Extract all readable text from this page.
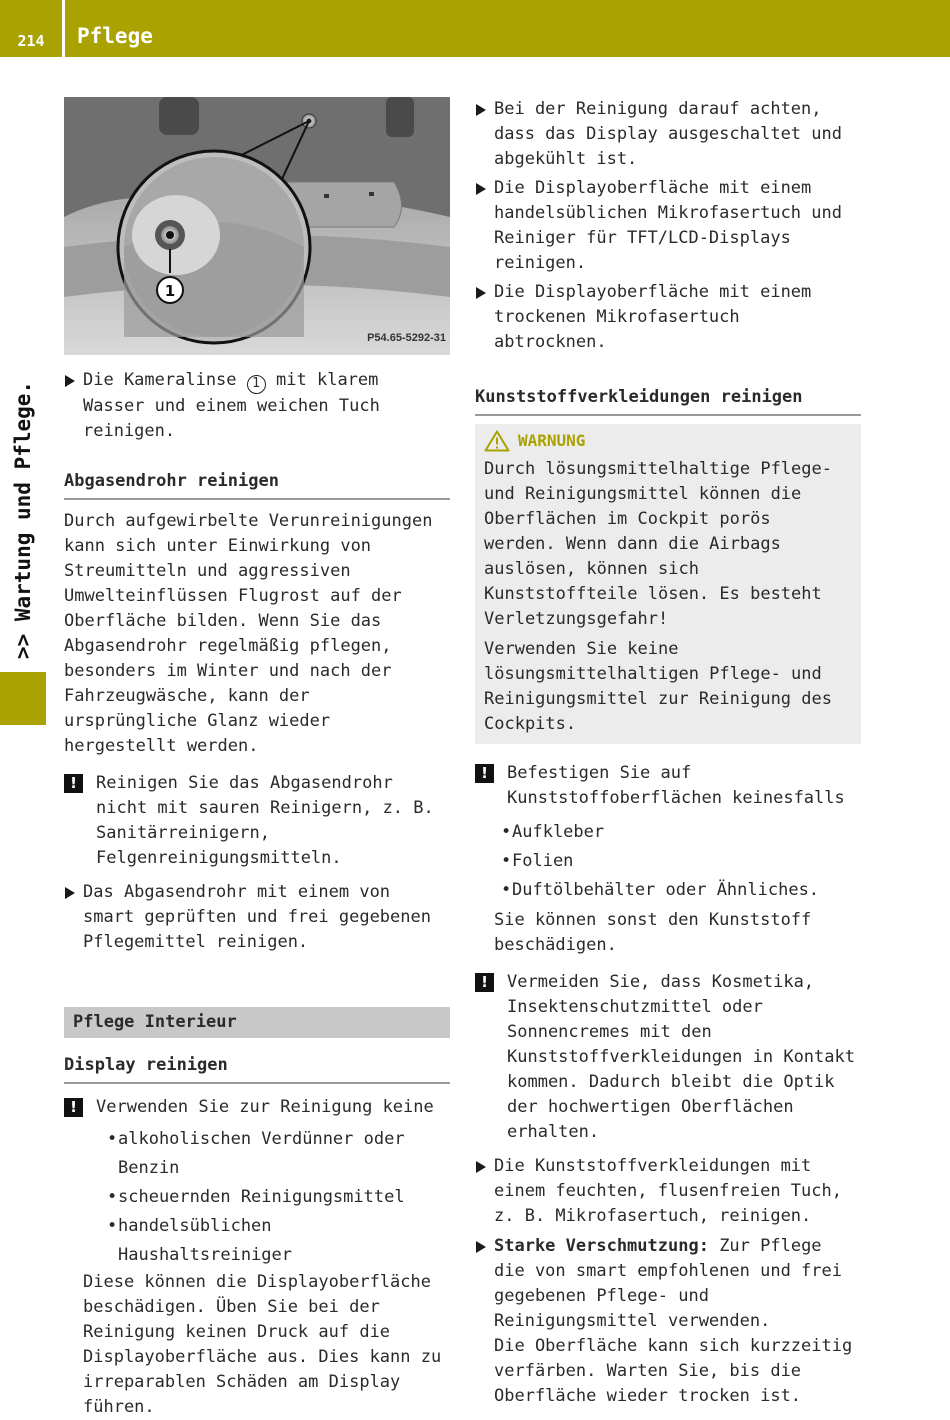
214	Pflege
>> Wartung und Pflege.
1
P54.65-5292-31
Die Kameralinse 1 mit klarem Wasser und einem weichen Tuch reinigen.
Abgasendrohr reinigen
Durch aufgewirbelte Verunreinigungen kann sich unter Einwirkung von Streumitteln und aggressiven Umwelteinflüssen Flugrost auf der Oberfläche bilden. Wenn Sie das Abgasendrohr regelmäßig pflegen, besonders im Winter und nach der Fahrzeugwäsche, kann der ursprüngliche Glanz wieder hergestellt werden.
!	Reinigen Sie das Abgasendrohr nicht mit sauren Reinigern, z. B. Sanitärreinigern, Felgenreinigungsmitteln.
Das Abgasendrohr mit einem von smart geprüften und frei gegebenen Pflegemittel reinigen.
Pflege Interieur
Display reinigen
!	Verwenden Sie zur Reinigung keine
• alkoholischen Verdünner oder Benzin
• scheuernden Reinigungsmittel
• handelsüblichen Haushaltsreiniger
Diese können die Displayoberfläche beschädigen. Üben Sie bei der Reinigung keinen Druck auf die Displayoberfläche aus. Dies kann zu irreparablen Schäden am Display führen.
Bei der Reinigung darauf achten, dass das Display ausgeschaltet und abgekühlt ist.
Die Displayoberfläche mit einem handelsüblichen Mikrofasertuch und Reiniger für TFT/LCD-Displays reinigen.
Die Displayoberfläche mit einem trockenen Mikrofasertuch abtrocknen.
Kunststoffverkleidungen reinigen
WARNUNG
Durch lösungsmittelhaltige Pflege- und Reinigungsmittel können die Oberflächen im Cockpit porös werden. Wenn dann die Airbags auslösen, können sich Kunststoffteile lösen. Es besteht Verletzungsgefahr!
Verwenden Sie keine lösungsmittelhaltigen Pflege- und Reinigungsmittel zur Reinigung des Cockpits.
!	Befestigen Sie auf Kunststoffoberflächen keinesfalls
• Aufkleber
• Folien
• Duftölbehälter oder Ähnliches.
Sie können sonst den Kunststoff beschädigen.
!	Vermeiden Sie, dass Kosmetika, Insektenschutzmittel oder Sonnencremes mit den Kunststoffverkleidungen in Kontakt kommen. Dadurch bleibt die Optik der hochwertigen Oberflächen erhalten.
Die Kunststoffverkleidungen mit einem feuchten, flusenfreien Tuch, z. B. Mikrofasertuch, reinigen.
Starke Verschmutzung: Zur Pflege die von smart empfohlenen und frei gegebenen Pflege- und Reinigungsmittel verwenden.
Die Oberfläche kann sich kurzzeitig verfärben. Warten Sie, bis die Oberfläche wieder trocken ist.
